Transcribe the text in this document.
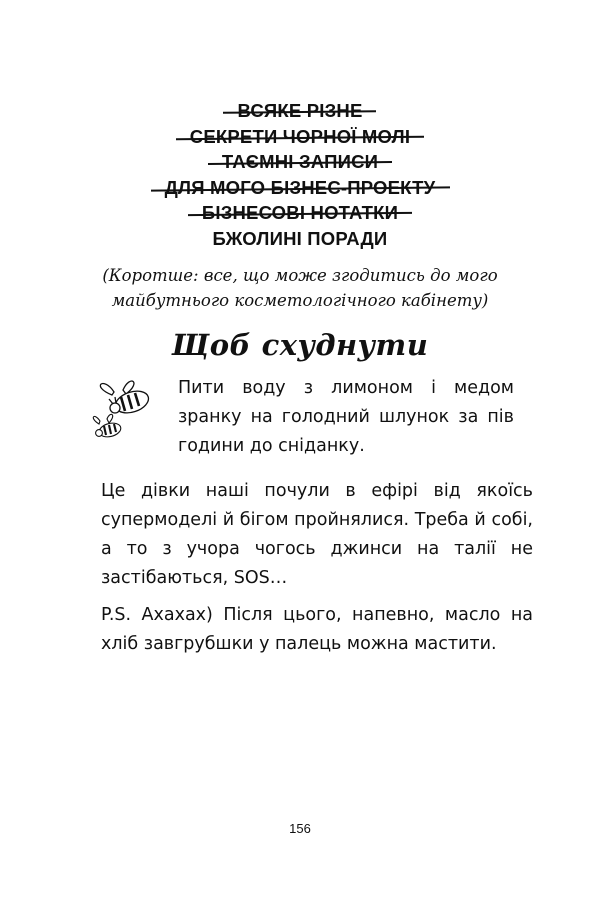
ВСЯКЕ РІЗНЕ
СЕКРЕТИ ЧОРНОЇ МОЛІ
ТАЄМНІ ЗАПИСИ
ДЛЯ МОГО БІЗНЕС-ПРОЕКТУ
БІЗНЕСОВІ НОТАТКИ
БЖОЛИНІ ПОРАДИ
(Коротше: все, що може згодитись до мого
майбутнього косметологічного кабінету)
Щоб схуднути
Пити воду з лимоном і медом зранку на голодний шлунок за пів години до сніданку.
Це дівки наші почули в ефірі від якоїсь супермоделі й бігом пройнялися. Треба й собі, а то з учора чогось джинси на талії не застібаються, SOS…
P.S. Ахахах) Після цього, напевно, масло на хліб завгрубшки у палець можна мастити.
156
